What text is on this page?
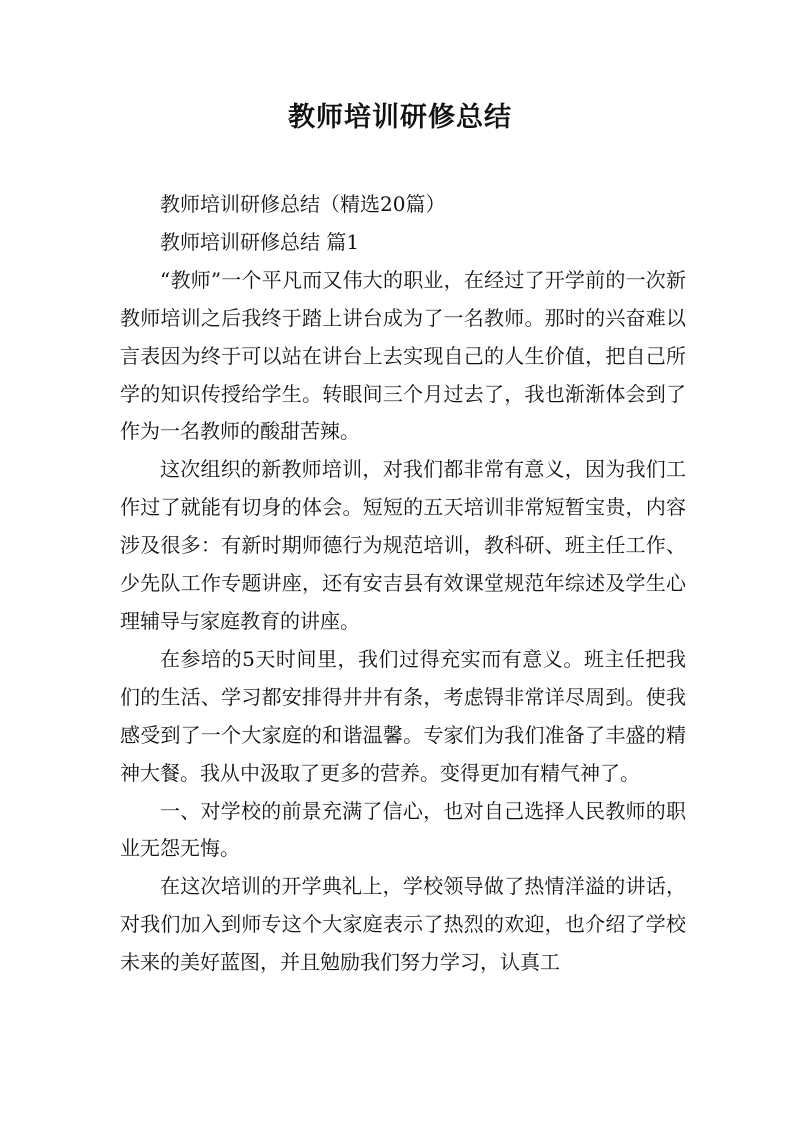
教师培训研修总结

教师培训研修总结（精选20篇）

教师培训研修总结 篇1

“教师”一个平凡而又伟大的职业，在经过了开学前的一次新教师培训之后我终于踏上讲台成为了一名教师。那时的兴奋难以言表因为终于可以站在讲台上去实现自己的人生价值，把自己所学的知识传授给学生。转眼间三个月过去了，我也渐渐体会到了作为一名教师的酸甜苦辣。

这次组织的新教师培训，对我们都非常有意义，因为我们工作过了就能有切身的体会。短短的五天培训非常短暂宝贵，内容涉及很多：有新时期师德行为规范培训，教科研、班主任工作、少先队工作专题讲座，还有安吉县有效课堂规范年综述及学生心理辅导与家庭教育的讲座。

在参培的5天时间里，我们过得充实而有意义。班主任把我们的生活、学习都安排得井井有条，考虑锝非常详尽周到。使我感受到了一个大家庭的和谐温馨。专家们为我们准备了丰盛的精神大餐。我从中汲取了更多的营养。变得更加有精气神了。

一、对学校的前景充满了信心，也对自己选择人民教师的职业无怨无悔。

在这次培训的开学典礼上，学校领导做了热情洋溢的讲话，对我们加入到师专这个大家庭表示了热烈的欢迎，也介绍了学校未来的美好蓝图，并且勉励我们努力学习，认真工
